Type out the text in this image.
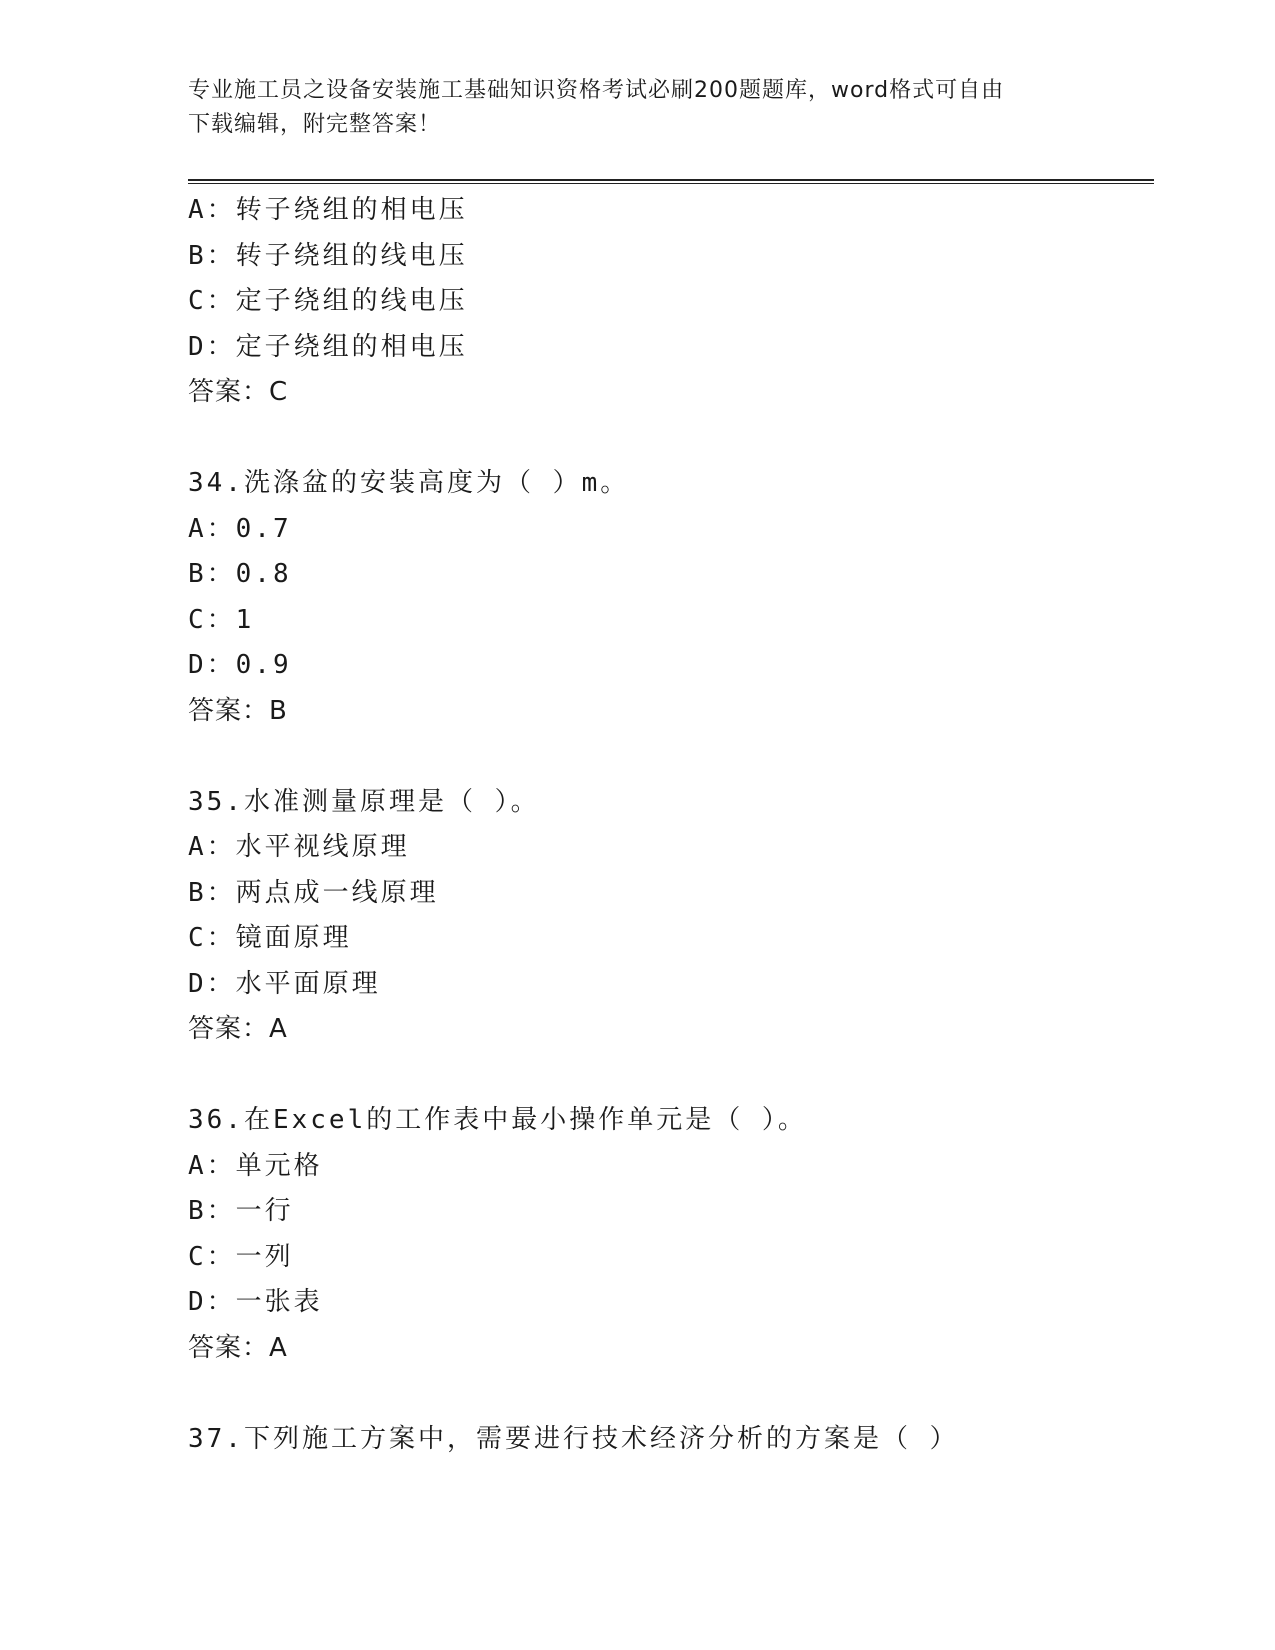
专业施工员之设备安装施工基础知识资格考试必刷200题题库，word格式可自由
下载编辑，附完整答案！
A：转子绕组的相电压
B：转子绕组的线电压
C：定子绕组的线电压
D：定子绕组的相电压
答案：C
34.洗涤盆的安装高度为（ ）m。
A：0.7
B：0.8
C：1
D：0.9
答案：B
35.水准测量原理是（ ）。
A：水平视线原理
B：两点成一线原理
C：镜面原理
D：水平面原理
答案：A
36.在Excel的工作表中最小操作单元是（ ）。
A：单元格
B：一行
C：一列
D：一张表
答案：A
37.下列施工方案中，需要进行技术经济分析的方案是（ ）
